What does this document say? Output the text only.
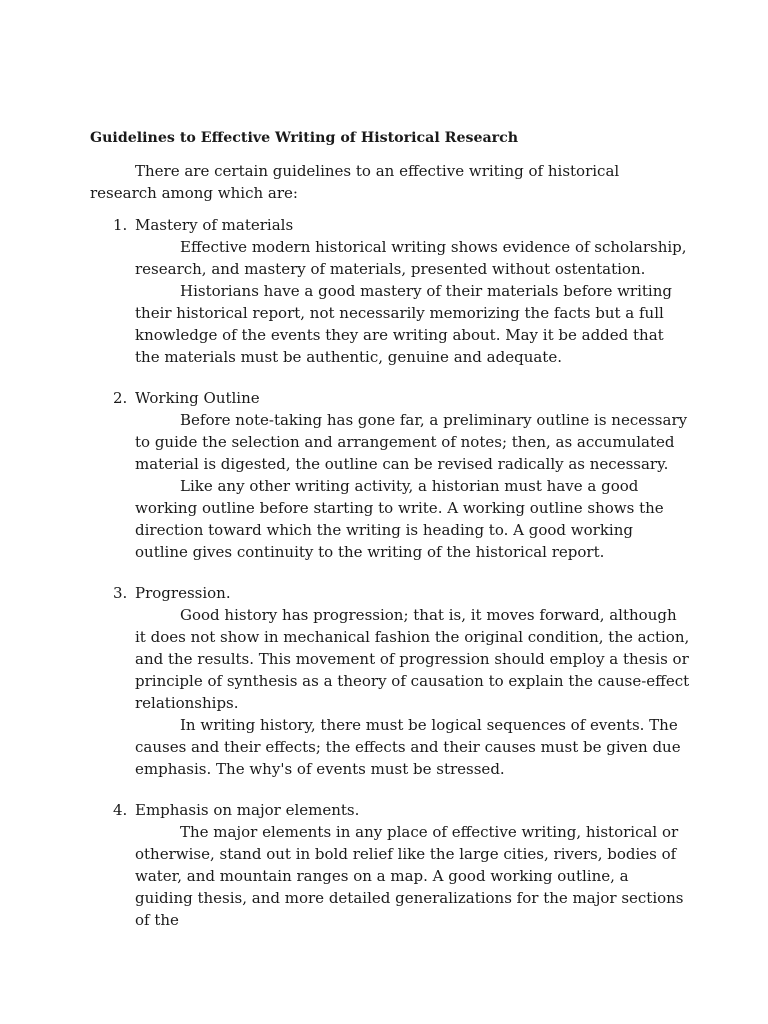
Guidelines to Effective Writing of Historical Research

There are certain guidelines to an effective writing of historical research among which are:

1. Mastery of materials

Effective modern historical writing shows evidence of scholarship, research, and mastery of materials, presented without ostentation.

Historians have a good mastery of their materials before writing their historical report, not necessarily memorizing the facts but a full knowledge of the events they are writing about. May it be added that the materials must be authentic, genuine and adequate.

2. Working Outline

Before note-taking has gone far, a preliminary outline is necessary to guide the selection and arrangement of notes; then, as accumulated material is digested, the outline can be revised radically as necessary.

Like any other writing activity, a historian must have a good working outline before starting to write. A working outline shows the direction toward which the writing is heading to. A good working outline gives continuity to the writing of the historical report.

3. Progression.

Good history has progression; that is, it moves forward, although it does not show in mechanical fashion the original condition, the action, and the results. This movement of progression should employ a thesis or principle of synthesis as a theory of causation to explain the cause-effect relationships.

In writing history, there must be logical sequences of events. The causes and their effects; the effects and their causes must be given due emphasis. The why's of events must be stressed.

4. Emphasis on major elements.

The major elements in any place of effective writing, historical or otherwise, stand out in bold relief like the large cities, rivers, bodies of water, and mountain ranges on a map. A good working outline, a guiding thesis, and more detailed generalizations for the major sections of the
